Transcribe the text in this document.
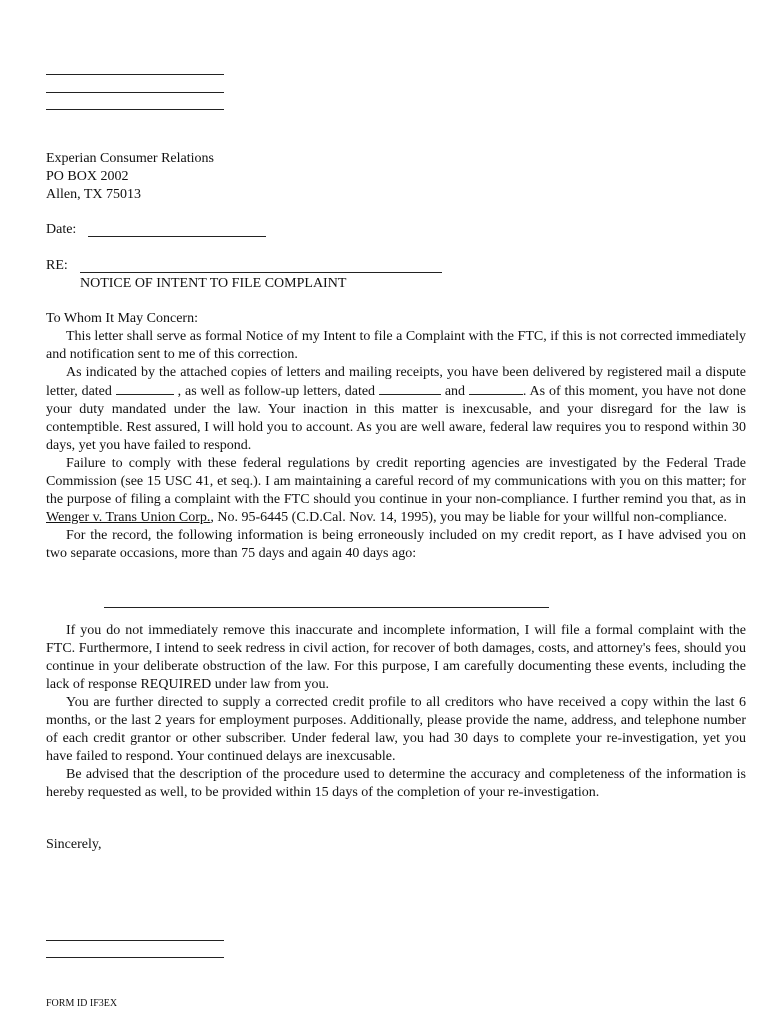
Experian Consumer Relations
PO BOX 2002
Allen, TX 75013
Date:
RE:
NOTICE OF INTENT TO FILE COMPLAINT
To Whom It May Concern:

This letter shall serve as formal Notice of my Intent to file a Complaint with the FTC, if this is not corrected immediately and notification sent to me of this correction.

As indicated by the attached copies of letters and mailing receipts, you have been delivered by registered mail a dispute letter, dated	, as well as follow-up letters, dated	and	. As of this moment, you have not done your duty mandated under the law. Your inaction in this matter is inexcusable, and your disregard for the law is contemptible. Rest assured, I will hold you to account. As you are well aware, federal law requires you to respond within 30 days, yet you have failed to respond.

Failure to comply with these federal regulations by credit reporting agencies are investigated by the Federal Trade Commission (see 15 USC 41, et seq.). I am maintaining a careful record of my communications with you on this matter; for the purpose of filing a complaint with the FTC should you continue in your non-compliance. I further remind you that, as in Wenger v. Trans Union Corp., No. 95-6445 (C.D.Cal. Nov. 14, 1995), you may be liable for your willful non-compliance.

For the record, the following information is being erroneously included on my credit report, as I have advised you on two separate occasions, more than 75 days and again 40 days ago:

If you do not immediately remove this inaccurate and incomplete information, I will file a formal complaint with the FTC. Furthermore, I intend to seek redress in civil action, for recover of both damages, costs, and attorney's fees, should you continue in your deliberate obstruction of the law. For this purpose, I am carefully documenting these events, including the lack of response REQUIRED under law from you.

You are further directed to supply a corrected credit profile to all creditors who have received a copy within the last 6 months, or the last 2 years for employment purposes. Additionally, please provide the name, address, and telephone number of each credit grantor or other subscriber. Under federal law, you had 30 days to complete your re-investigation, yet you have failed to respond. Your continued delays are inexcusable.

Be advised that the description of the procedure used to determine the accuracy and completeness of the information is hereby requested as well, to be provided within 15 days of the completion of your re-investigation.

Sincerely,
FORM ID IF3EX
